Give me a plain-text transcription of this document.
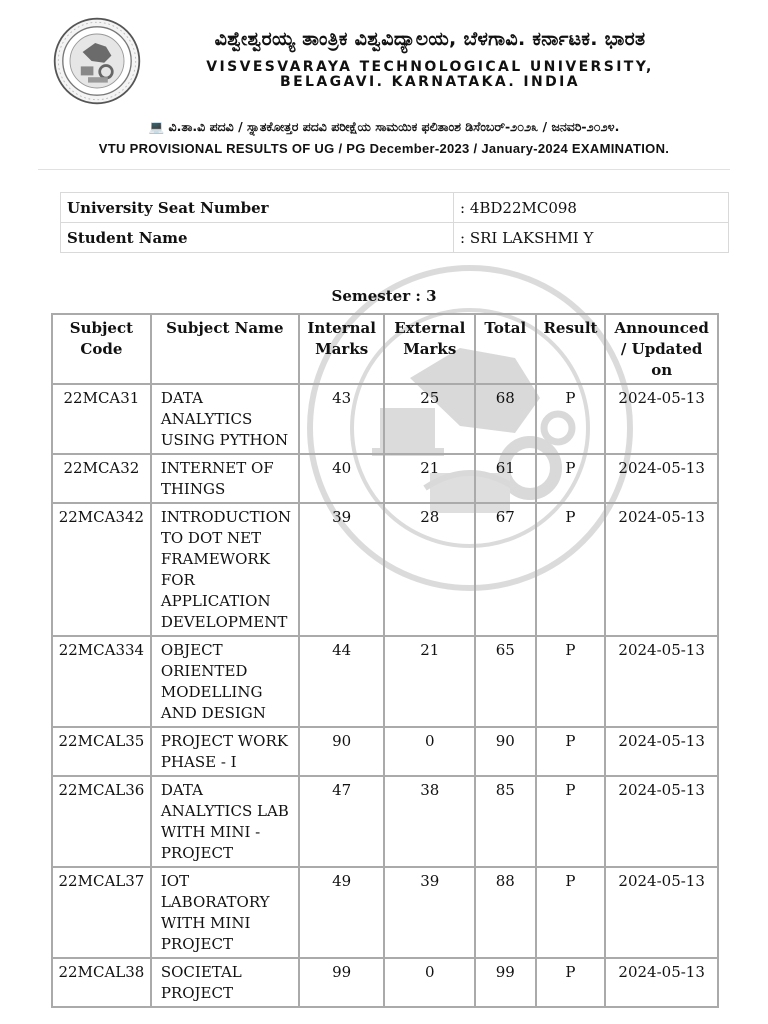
ವಿಶ್ವೇಶ್ವರಯ್ಯ ತಾಂತ್ರಿಕ ವಿಶ್ವವಿದ್ಯಾಲಯ, ಬೆಳಗಾವಿ. ಕರ್ನಾಟಕ. ಭಾರತ
VISVESVARAYA TECHNOLOGICAL UNIVERSITY,
BELAGAVI. KARNATAKA. INDIA
💻 ವಿ.ತಾ.ವಿ ಪದವಿ / ಸ್ನಾತಕೋತ್ತರ ಪದವಿ ಪರೀಕ್ಷೆಯ ಸಾಮಯಿಕ ಫಲಿತಾಂಶ ಡಿಸೆಂಬರ್-೨೦೨೩ / ಜನವರಿ-೨೦೨೪.
VTU PROVISIONAL RESULTS OF UG / PG December-2023 / January-2024 EXAMINATION.
University Seat Number	: 4BD22MC098
Student Name	: SRI LAKSHMI Y
Semester : 3
Subject Code	Subject Name	Internal Marks	External Marks	Total	Result	Announced / Updated on
22MCA31	DATA ANALYTICS USING PYTHON	43	25	68	P	2024-05-13
22MCA32	INTERNET OF THINGS	40	21	61	P	2024-05-13
22MCA342	INTRODUCTION TO DOT NET FRAMEWORK FOR APPLICATION DEVELOPMENT	39	28	67	P	2024-05-13
22MCA334	OBJECT ORIENTED MODELLING AND DESIGN	44	21	65	P	2024-05-13
22MCAL35	PROJECT WORK PHASE - I	90	0	90	P	2024-05-13
22MCAL36	DATA ANALYTICS LAB WITH MINI - PROJECT	47	38	85	P	2024-05-13
22MCAL37	IOT LABORATORY WITH MINI PROJECT	49	39	88	P	2024-05-13
22MCAL38	SOCIETAL PROJECT	99	0	99	P	2024-05-13
